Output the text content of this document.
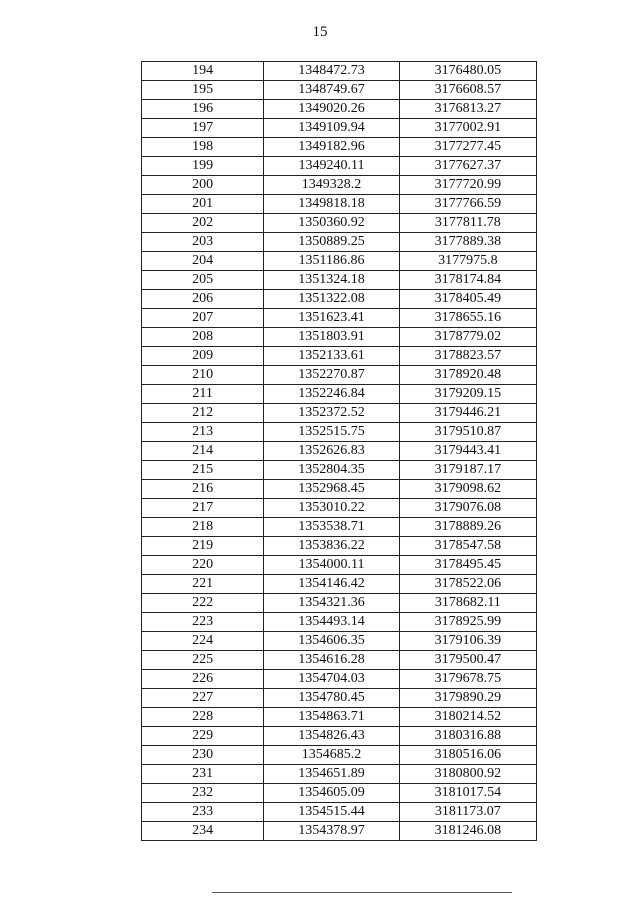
15
194	1348472.73	3176480.05
195	1348749.67	3176608.57
196	1349020.26	3176813.27
197	1349109.94	3177002.91
198	1349182.96	3177277.45
199	1349240.11	3177627.37
200	1349328.2	3177720.99
201	1349818.18	3177766.59
202	1350360.92	3177811.78
203	1350889.25	3177889.38
204	1351186.86	3177975.8
205	1351324.18	3178174.84
206	1351322.08	3178405.49
207	1351623.41	3178655.16
208	1351803.91	3178779.02
209	1352133.61	3178823.57
210	1352270.87	3178920.48
211	1352246.84	3179209.15
212	1352372.52	3179446.21
213	1352515.75	3179510.87
214	1352626.83	3179443.41
215	1352804.35	3179187.17
216	1352968.45	3179098.62
217	1353010.22	3179076.08
218	1353538.71	3178889.26
219	1353836.22	3178547.58
220	1354000.11	3178495.45
221	1354146.42	3178522.06
222	1354321.36	3178682.11
223	1354493.14	3178925.99
224	1354606.35	3179106.39
225	1354616.28	3179500.47
226	1354704.03	3179678.75
227	1354780.45	3179890.29
228	1354863.71	3180214.52
229	1354826.43	3180316.88
230	1354685.2	3180516.06
231	1354651.89	3180800.92
232	1354605.09	3181017.54
233	1354515.44	3181173.07
234	1354378.97	3181246.08
